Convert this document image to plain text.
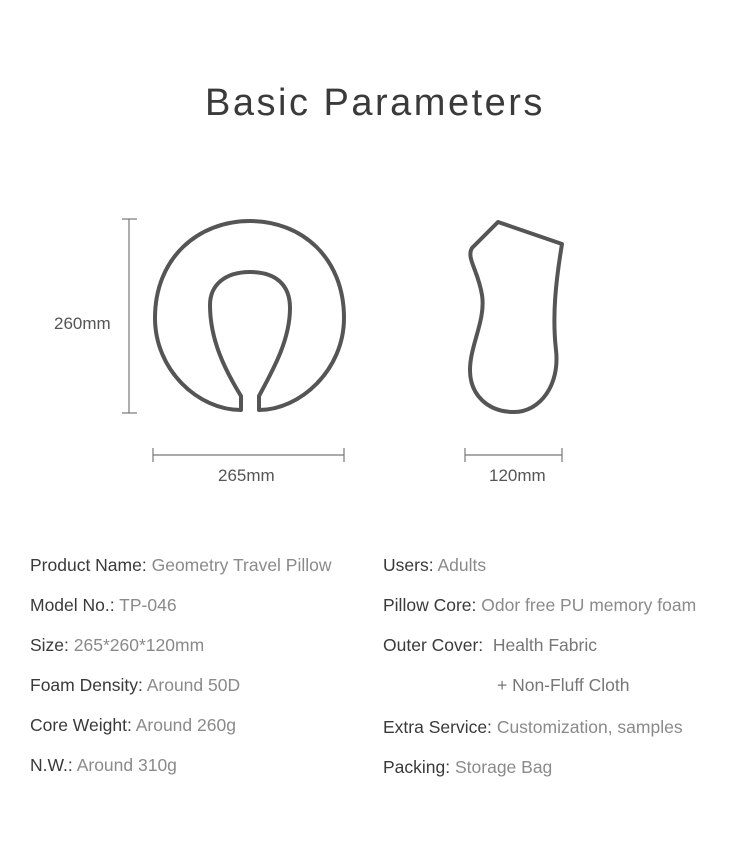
Basic Parameters
260mm
265mm	120mm
Product Name: Geometry Travel Pillow
Model No.: TP-046
Size: 265*260*120mm
Foam Density: Around 50D
Core Weight: Around 260g
N.W.: Around 310g
Users: Adults
Pillow Core: Odor free PU memory foam
Outer Cover: Health Fabric
+ Non-Fluff Cloth
Extra Service: Customization, samples
Packing: Storage Bag
